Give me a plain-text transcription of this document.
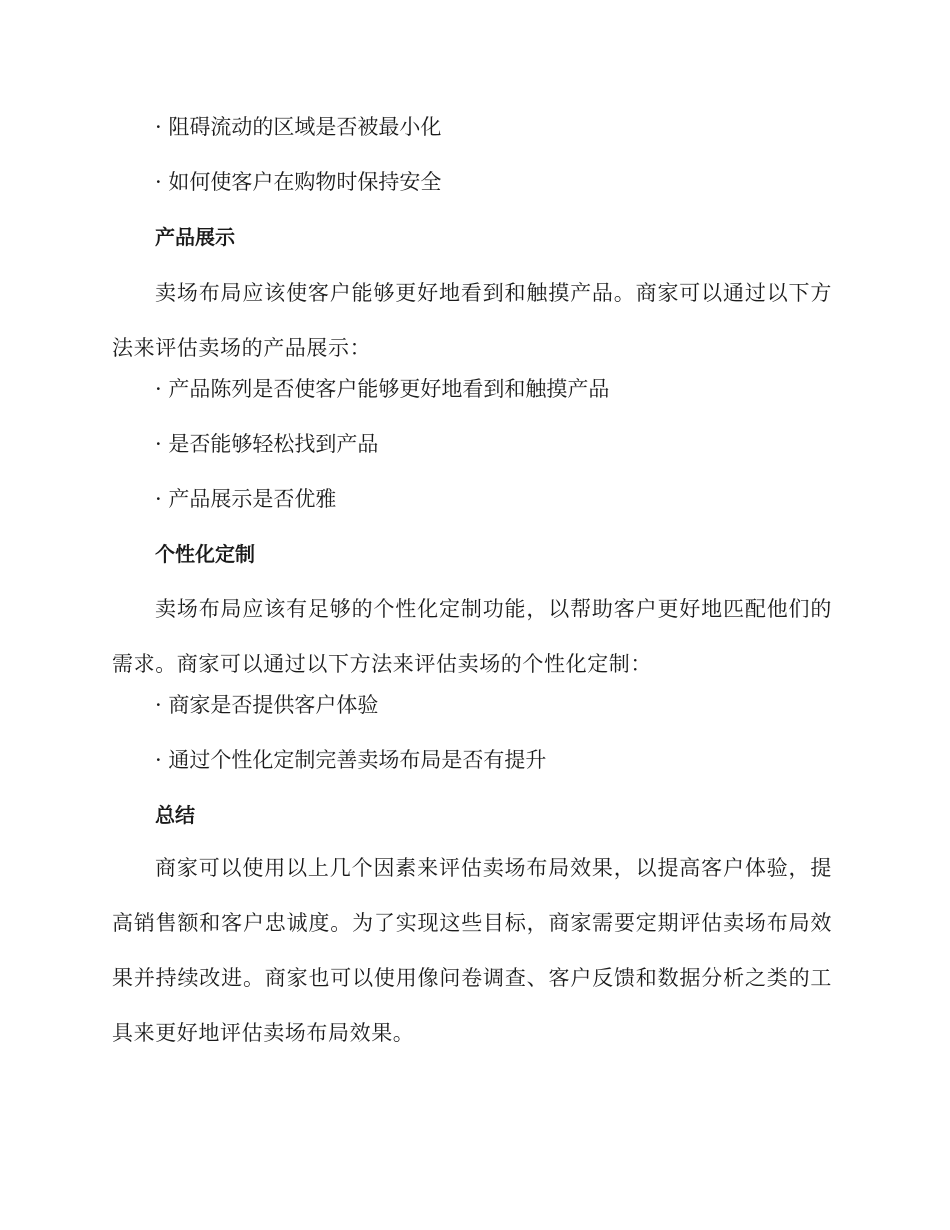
· 阻碍流动的区域是否被最小化
· 如何使客户在购物时保持安全
产品展示
卖场布局应该使客户能够更好地看到和触摸产品。商家可以通过以下方法来评估卖场的产品展示：
· 产品陈列是否使客户能够更好地看到和触摸产品
· 是否能够轻松找到产品
· 产品展示是否优雅
个性化定制
卖场布局应该有足够的个性化定制功能，以帮助客户更好地匹配他们的需求。商家可以通过以下方法来评估卖场的个性化定制：
· 商家是否提供客户体验
· 通过个性化定制完善卖场布局是否有提升
总结
商家可以使用以上几个因素来评估卖场布局效果，以提高客户体验，提高销售额和客户忠诚度。为了实现这些目标，商家需要定期评估卖场布局效果并持续改进。商家也可以使用像问卷调查、客户反馈和数据分析之类的工具来更好地评估卖场布局效果。
